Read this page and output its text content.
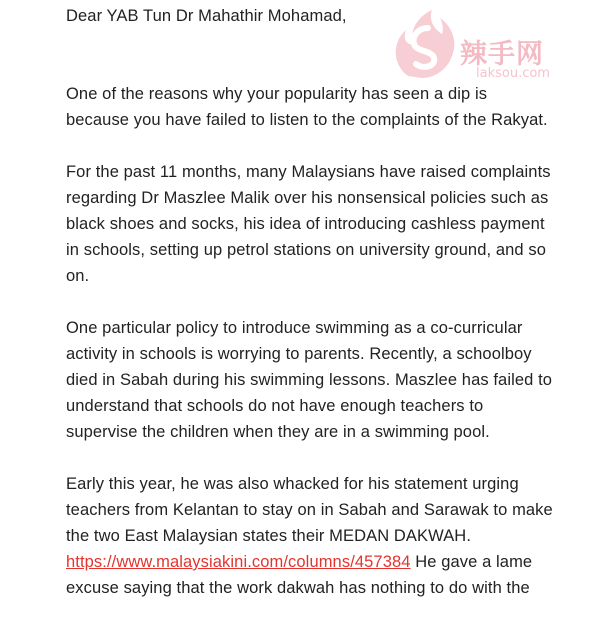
辣手网
laksou.com

Dear YAB Tun Dr Mahathir Mohamad,

One of the reasons why your popularity has seen a dip is
because you have failed to listen to the complaints of the Rakyat.

For the past 11 months, many Malaysians have raised complaints
regarding Dr Maszlee Malik over his nonsensical policies such as
black shoes and socks, his idea of introducing cashless payment
in schools, setting up petrol stations on university ground, and so
on.

One particular policy to introduce swimming as a co-curricular
activity in schools is worrying to parents. Recently, a schoolboy
died in Sabah during his swimming lessons. Maszlee has failed to
understand that schools do not have enough teachers to
supervise the children when they are in a swimming pool.

Early this year, he was also whacked for his statement urging
teachers from Kelantan to stay on in Sabah and Sarawak to make
the two East Malaysian states their MEDAN DAKWAH.
https://www.malaysiakini.com/columns/457384 He gave a lame
excuse saying that the work dakwah has nothing to do with the
